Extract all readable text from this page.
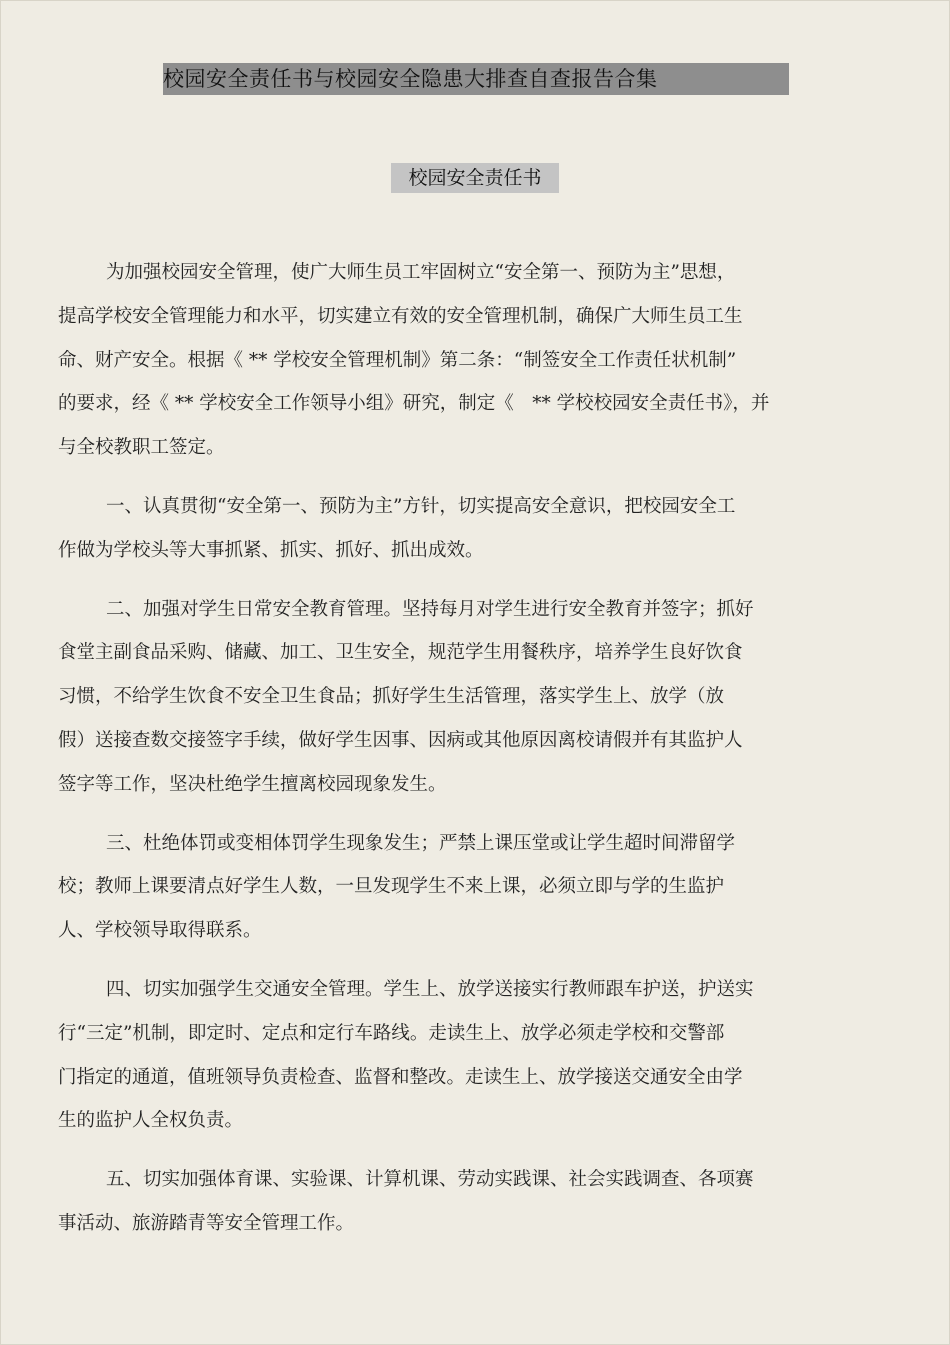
校园安全责任书与校园安全隐患大排查自查报告合集
校园安全责任书

为加强校园安全管理，使广大师生员工牢固树立“安全第一、预防为主”思想，
提高学校安全管理能力和水平，切实建立有效的安全管理机制，确保广大师生员工生
命、财产安全。根据《 ** 学校安全管理机制》第二条：“制签安全工作责任状机制”
的要求，经《 ** 学校安全工作领导小组》研究，制定《　** 学校校园安全责任书》，并
与全校教职工签定。

一、认真贯彻“安全第一、预防为主”方针，切实提高安全意识，把校园安全工
作做为学校头等大事抓紧、抓实、抓好、抓出成效。

二、加强对学生日常安全教育管理。坚持每月对学生进行安全教育并签字；抓好
食堂主副食品采购、储藏、加工、卫生安全，规范学生用餐秩序，培养学生良好饮食
习惯，不给学生饮食不安全卫生食品；抓好学生生活管理，落实学生上、放学（放
假）送接查数交接签字手续，做好学生因事、因病或其他原因离校请假并有其监护人
签字等工作，坚决杜绝学生擅离校园现象发生。

三、杜绝体罚或变相体罚学生现象发生；严禁上课压堂或让学生超时间滞留学
校；教师上课要清点好学生人数，一旦发现学生不来上课，必须立即与学的生监护
人、学校领导取得联系。

四、切实加强学生交通安全管理。学生上、放学送接实行教师跟车护送，护送实
行“三定”机制，即定时、定点和定行车路线。走读生上、放学必须走学校和交警部
门指定的通道，值班领导负责检查、监督和整改。走读生上、放学接送交通安全由学
生的监护人全权负责。

五、切实加强体育课、实验课、计算机课、劳动实践课、社会实践调查、各项赛
事活动、旅游踏青等安全管理工作。
